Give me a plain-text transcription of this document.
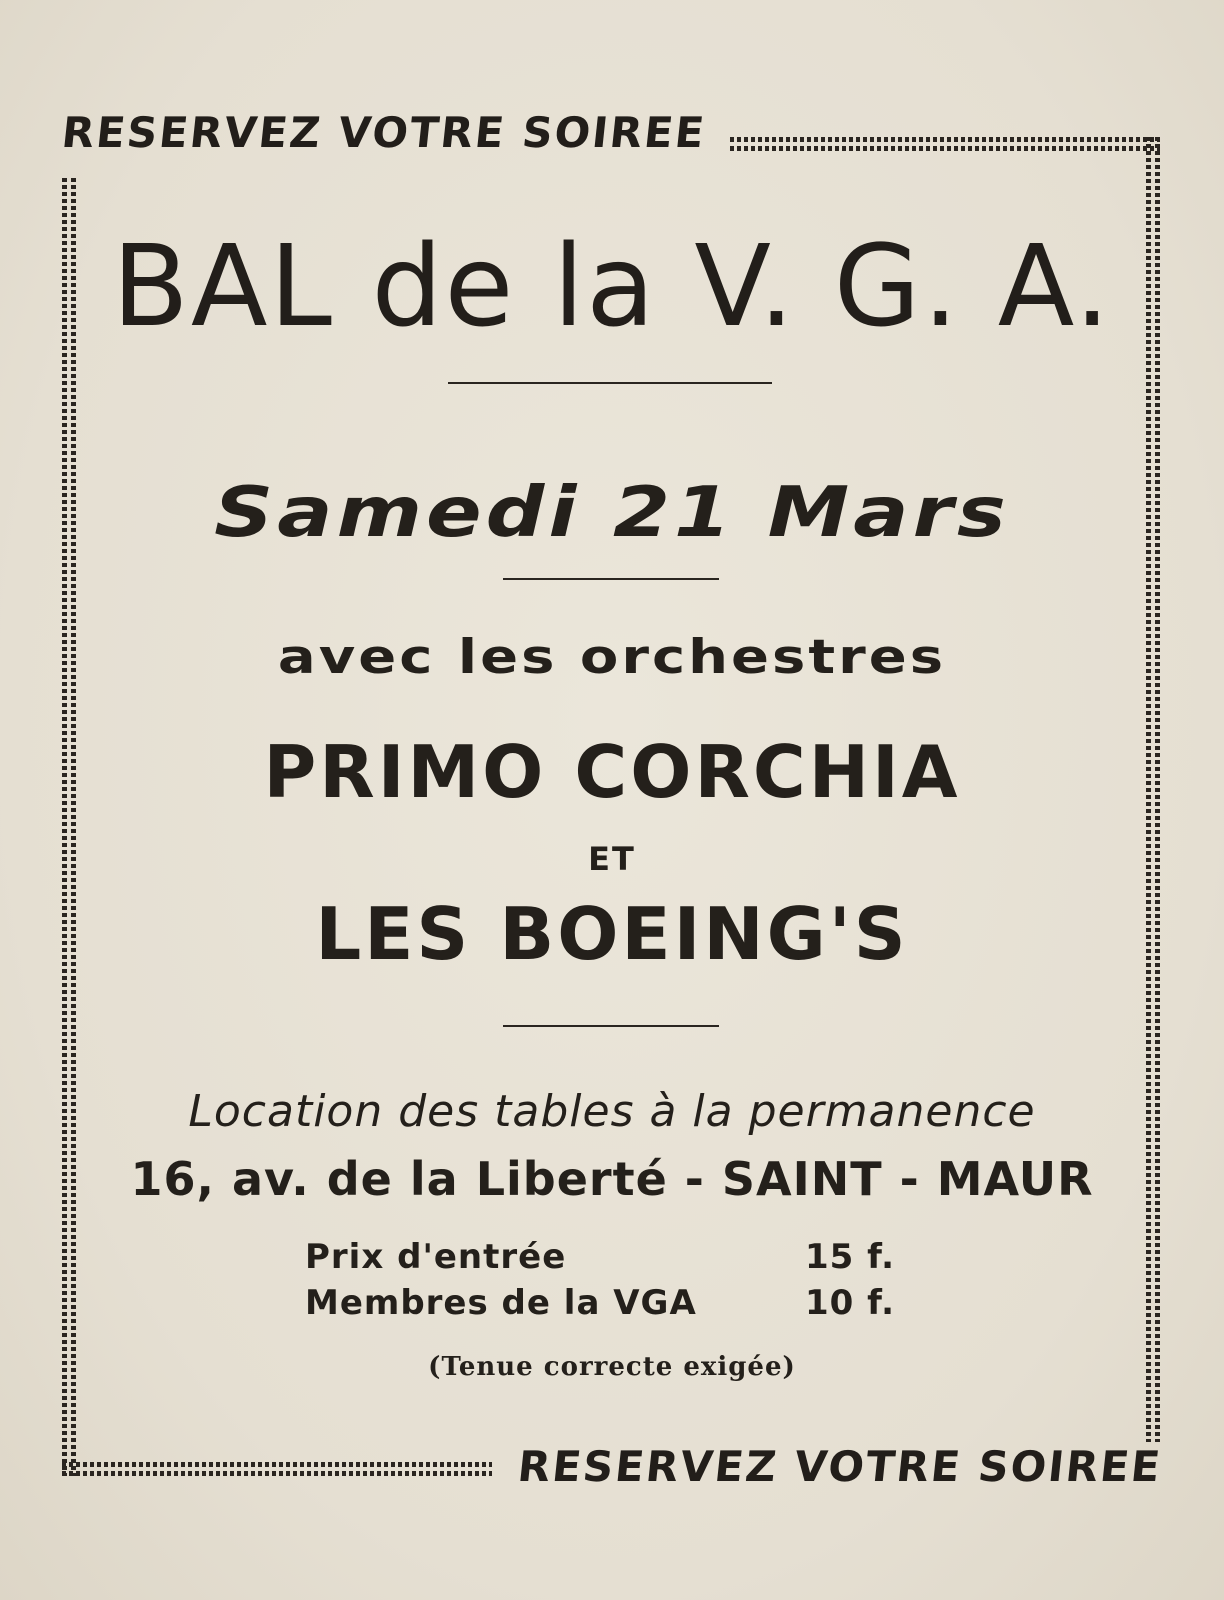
RESERVEZ VOTRE SOIREE
BAL de la V. G. A.
Samedi 21 Mars
avec les orchestres
PRIMO CORCHIA
ET
LES BOEING'S
Location des tables à la permanence
16, av. de la Liberté - SAINT - MAUR
Prix d'entrée	15 f.
Membres de la VGA	10 f.
(Tenue correcte exigée)
RESERVEZ VOTRE SOIREE
